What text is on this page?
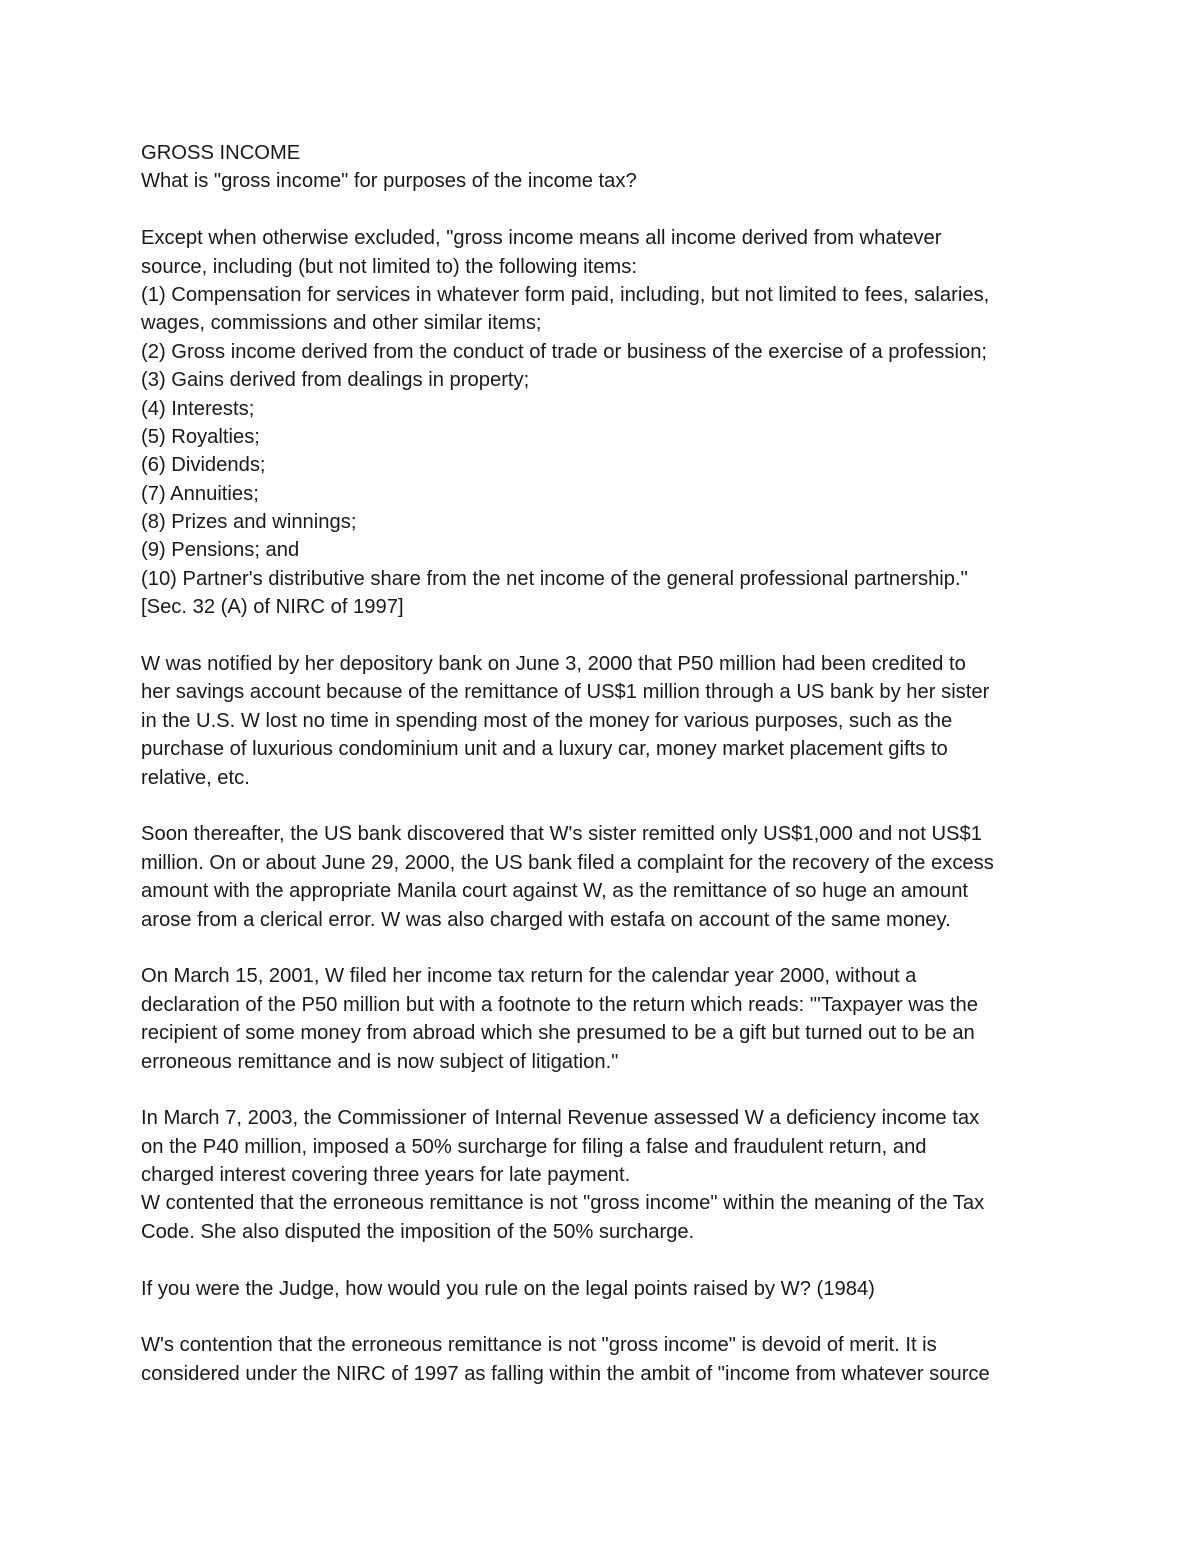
GROSS INCOME
What is "gross income" for purposes of the income tax?
Except when otherwise excluded, "gross income means all income derived from whatever
source, including (but not limited to) the following items:
(1) Compensation for services in whatever form paid, including, but not limited to fees, salaries,
wages, commissions and other similar items;
(2) Gross income derived from the conduct of trade or business of the exercise of a profession;
(3) Gains derived from dealings in property;
(4) Interests;
(5) Royalties;
(6) Dividends;
(7) Annuities;
(8) Prizes and winnings;
(9) Pensions; and
(10) Partner's distributive share from the net income of the general professional partnership."
[Sec. 32 (A) of NIRC of 1997]
W was notified by her depository bank on June 3, 2000 that P50 million had been credited to
her savings account because of the remittance of US$1 million through a US bank by her sister
in the U.S. W lost no time in spending most of the money for various purposes, such as the
purchase of luxurious condominium unit and a luxury car, money market placement gifts to
relative, etc.
Soon thereafter, the US bank discovered that W's sister remitted only US$1,000 and not US$1
million. On or about June 29, 2000, the US bank filed a complaint for the recovery of the excess
amount with the appropriate Manila court against W, as the remittance of so huge an amount
arose from a clerical error. W was also charged with estafa on account of the same money.
On March 15, 2001, W filed her income tax return for the calendar year 2000, without a
declaration of the P50 million but with a footnote to the return which reads: "'Taxpayer was the
recipient of some money from abroad which she presumed to be a gift but turned out to be an
erroneous remittance and is now subject of litigation."
In March 7, 2003, the Commissioner of Internal Revenue assessed W a deficiency income tax
on the P40 million, imposed a 50% surcharge for filing a false and fraudulent return, and
charged interest covering three years for late payment.
W contented that the erroneous remittance is not "gross income" within the meaning of the Tax
Code. She also disputed the imposition of the 50% surcharge.
If you were the Judge, how would you rule on the legal points raised by W? (1984)
W's contention that the erroneous remittance is not "gross income" is devoid of merit. It is
considered under the NIRC of 1997 as falling within the ambit of "income from whatever source
